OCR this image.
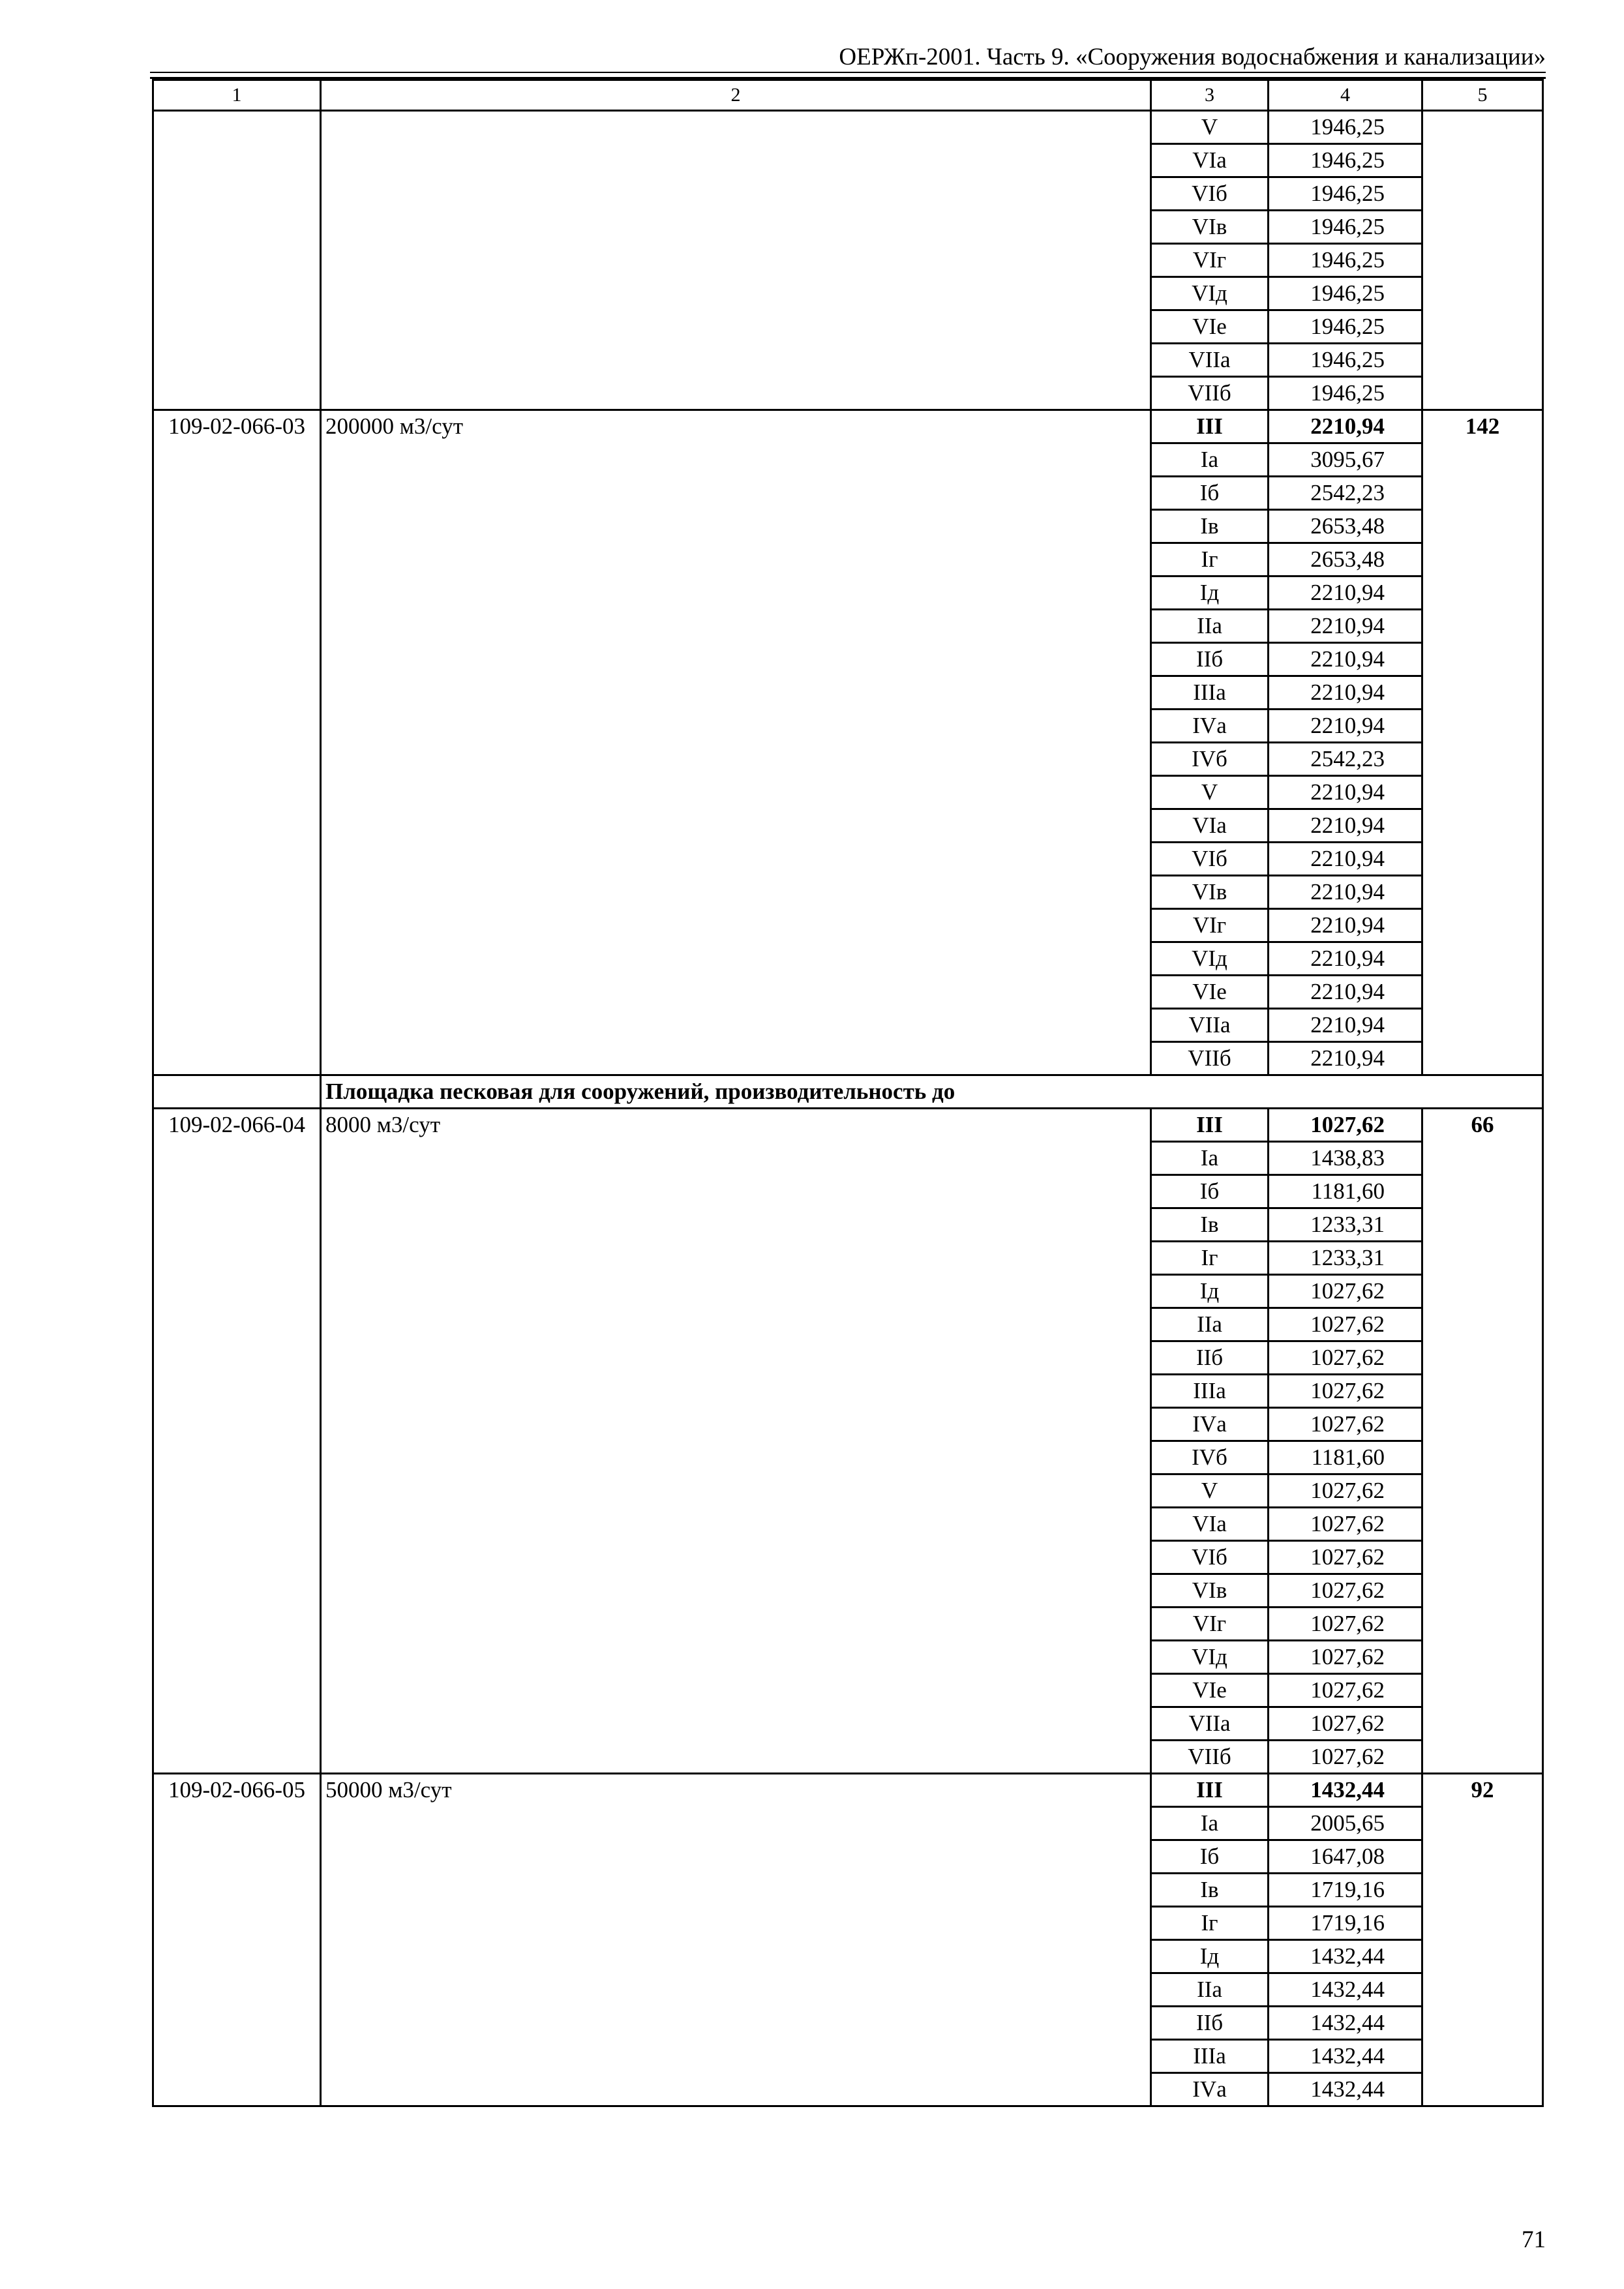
ОЕРЖп-2001. Часть 9. «Сооружения водоснабжения и канализации»
1	2	3	4	5
		V	1946,25	
		VIа	1946,25	
		VIб	1946,25	
		VIв	1946,25	
		VIг	1946,25	
		VIд	1946,25	
		VIе	1946,25	
		VIIа	1946,25	
		VIIб	1946,25	
109-02-066-03	200000 м3/сут	III	2210,94	142
		Iа	3095,67	
		Iб	2542,23	
		Iв	2653,48	
		Iг	2653,48	
		Iд	2210,94	
		IIа	2210,94	
		IIб	2210,94	
		IIIа	2210,94	
		IVа	2210,94	
		IVб	2542,23	
		V	2210,94	
		VIа	2210,94	
		VIб	2210,94	
		VIв	2210,94	
		VIг	2210,94	
		VIд	2210,94	
		VIе	2210,94	
		VIIа	2210,94	
		VIIб	2210,94	
	Площадка песковая для сооружений, производительность до			
109-02-066-04	8000 м3/сут	III	1027,62	66
		Iа	1438,83	
		Iб	1181,60	
		Iв	1233,31	
		Iг	1233,31	
		Iд	1027,62	
		IIа	1027,62	
		IIб	1027,62	
		IIIа	1027,62	
		IVа	1027,62	
		IVб	1181,60	
		V	1027,62	
		VIа	1027,62	
		VIб	1027,62	
		VIв	1027,62	
		VIг	1027,62	
		VIд	1027,62	
		VIе	1027,62	
		VIIа	1027,62	
		VIIб	1027,62	
109-02-066-05	50000 м3/сут	III	1432,44	92
		Iа	2005,65	
		Iб	1647,08	
		Iв	1719,16	
		Iг	1719,16	
		Iд	1432,44	
		IIа	1432,44	
		IIб	1432,44	
		IIIа	1432,44	
		IVа	1432,44	
71
